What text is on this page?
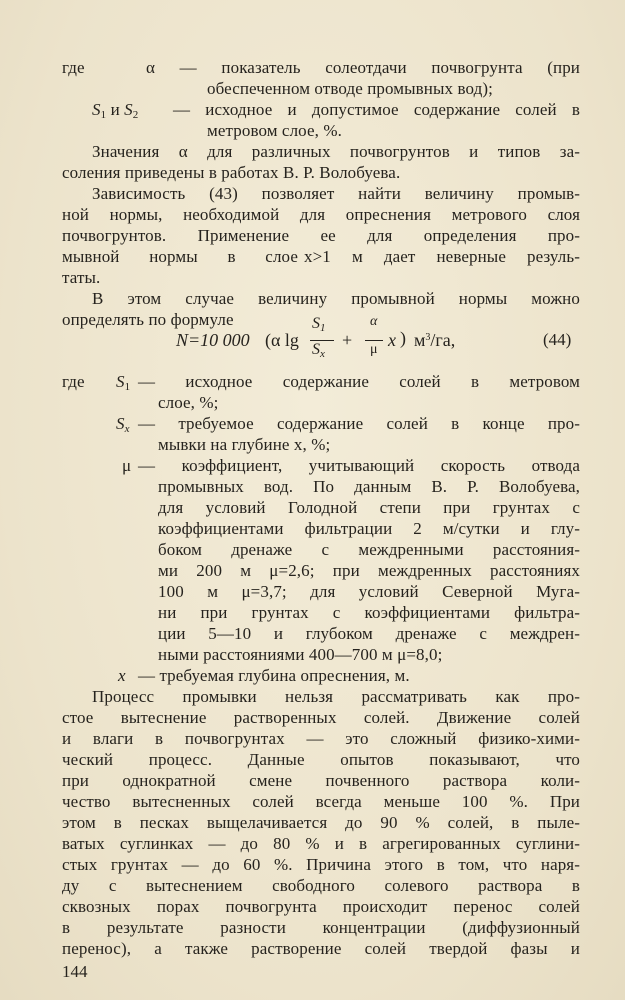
где	α — показатель солеотдачи почвогрунта (при
обеспеченном отводе промывных вод);
$S_1$ и $S_2$ — исходное и допустимое содержание солей в
метровом слое, %.
Значения α для различных почвогрунтов и типов за-
соления приведены в работах В. Р. Волобуева.
Зависимость (43) позволяет найти величину промыв-
ной нормы, необходимой для опреснения метрового слоя
почвогрунтов. Применение ее для определения про-
мывной нормы в слое x>1 м дает неверные резуль-
таты.
В этом случае величину промывной нормы можно
определять по формуле
N=10 000 (α lg
$S_1$
$S_x$
+
α
μ x ) $м^3/га$,	(44)
где $S_1$ — исходное содержание солей в метровом
слое, %;
$S_x$ — требуемое содержание солей в конце про-
мывки на глубине x, %;
μ — коэффициент, учитывающий скорость отвода
промывных вод. По данным В. Р. Волобуева,
для условий Голодной степи при грунтах с
коэффициентами фильтрации 2 м/сутки и глу-
боком дренаже с междренными расстояния-
ми 200 м μ=2,6; при междренных расстояниях
100 м μ=3,7; для условий Северной Муга-
ни при грунтах с коэффициентами фильтра-
ции 5—10 и глубоком дренаже с междрен-
ными расстояниями 400—700 м μ=8,0;
x — требуемая глубина опреснения, м.
Процесс промывки нельзя рассматривать как про-
стое вытеснение растворенных солей. Движение солей
и влаги в почвогрунтах — это сложный физико-хими-
ческий процесс. Данные опытов показывают, что
при однократной смене почвенного раствора коли-
чество вытесненных солей всегда меньше 100 %. При
этом в песках выщелачивается до 90 % солей, в пыле-
ватых суглинках — до 80 % и в агрегированных суглини-
стых грунтах — до 60 %. Причина этого в том, что наря-
ду с вытеснением свободного солевого раствора в
сквозных порах почвогрунта происходит перенос солей
в результате разности концентрации (диффузионный
перенос), а также растворение солей твердой фазы и
144
